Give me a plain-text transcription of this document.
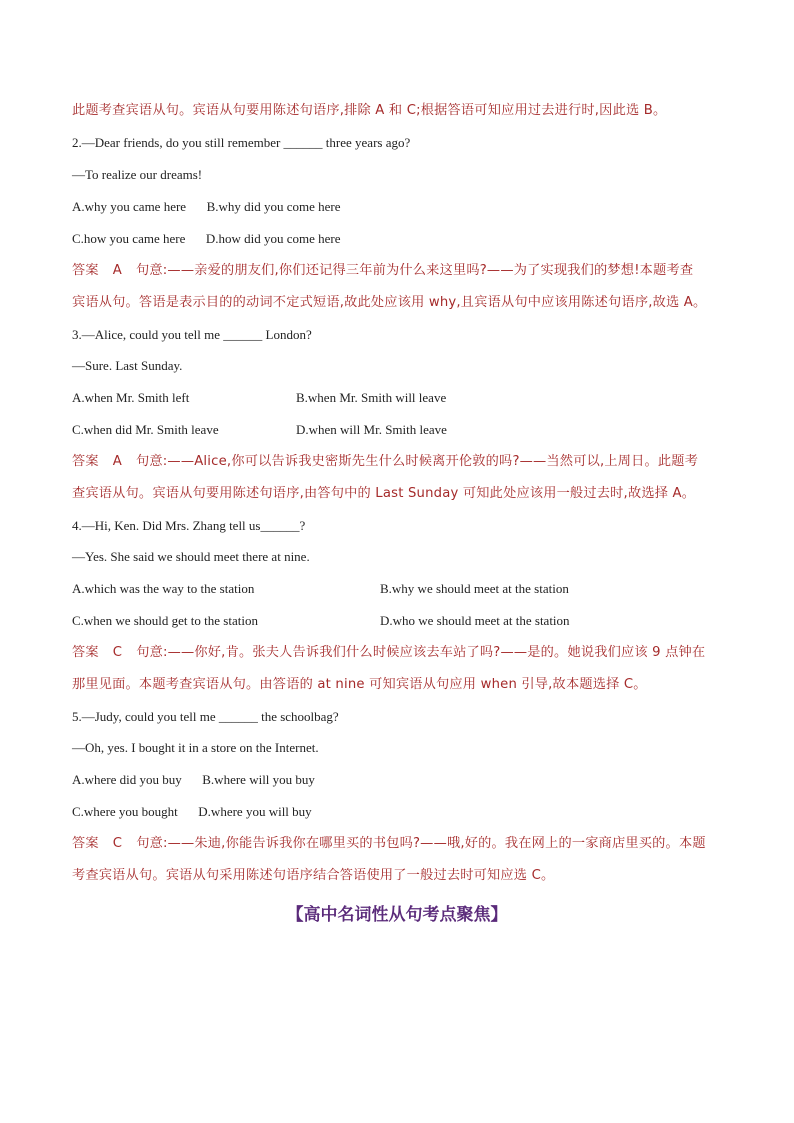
此题考查宾语从句。宾语从句要用陈述句语序,排除 A 和 C;根据答语可知应用过去进行时,因此选 B。
2.—Dear friends, do you still remember ______ three years ago?
—To realize our dreams!
A.why you came here B.why did you come here
C.how you came here D.how did you come here
答案 A 句意:——亲爱的朋友们,你们还记得三年前为什么来这里吗?——为了实现我们的梦想!本题考查
宾语从句。答语是表示目的的动词不定式短语,故此处应该用 why,且宾语从句中应该用陈述句语序,故选 A。
3.—Alice, could you tell me ______ London?
—Sure. Last Sunday.
A.when Mr. Smith left	B.when Mr. Smith will leave
C.when did Mr. Smith leave	D.when will Mr. Smith leave
答案 A 句意:——Alice,你可以告诉我史密斯先生什么时候离开伦敦的吗?——当然可以,上周日。此题考
查宾语从句。宾语从句要用陈述句语序,由答句中的 Last Sunday 可知此处应该用一般过去时,故选择 A。
4.—Hi, Ken. Did Mrs. Zhang tell us______?
—Yes. She said we should meet there at nine.
A.which was the way to the station	B.why we should meet at the station
C.when we should get to the station	D.who we should meet at the station
答案 C 句意:——你好,肯。张夫人告诉我们什么时候应该去车站了吗?——是的。她说我们应该 9 点钟在
那里见面。本题考查宾语从句。由答语的 at nine 可知宾语从句应用 when 引导,故本题选择 C。
5.—Judy, could you tell me ______ the schoolbag?
—Oh, yes. I bought it in a store on the Internet.
A.where did you buy B.where will you buy
C.where you bought D.where you will buy
答案 C 句意:——朱迪,你能告诉我你在哪里买的书包吗?——哦,好的。我在网上的一家商店里买的。本题
考查宾语从句。宾语从句采用陈述句语序结合答语使用了一般过去时可知应选 C。
【高中名词性从句考点聚焦】
